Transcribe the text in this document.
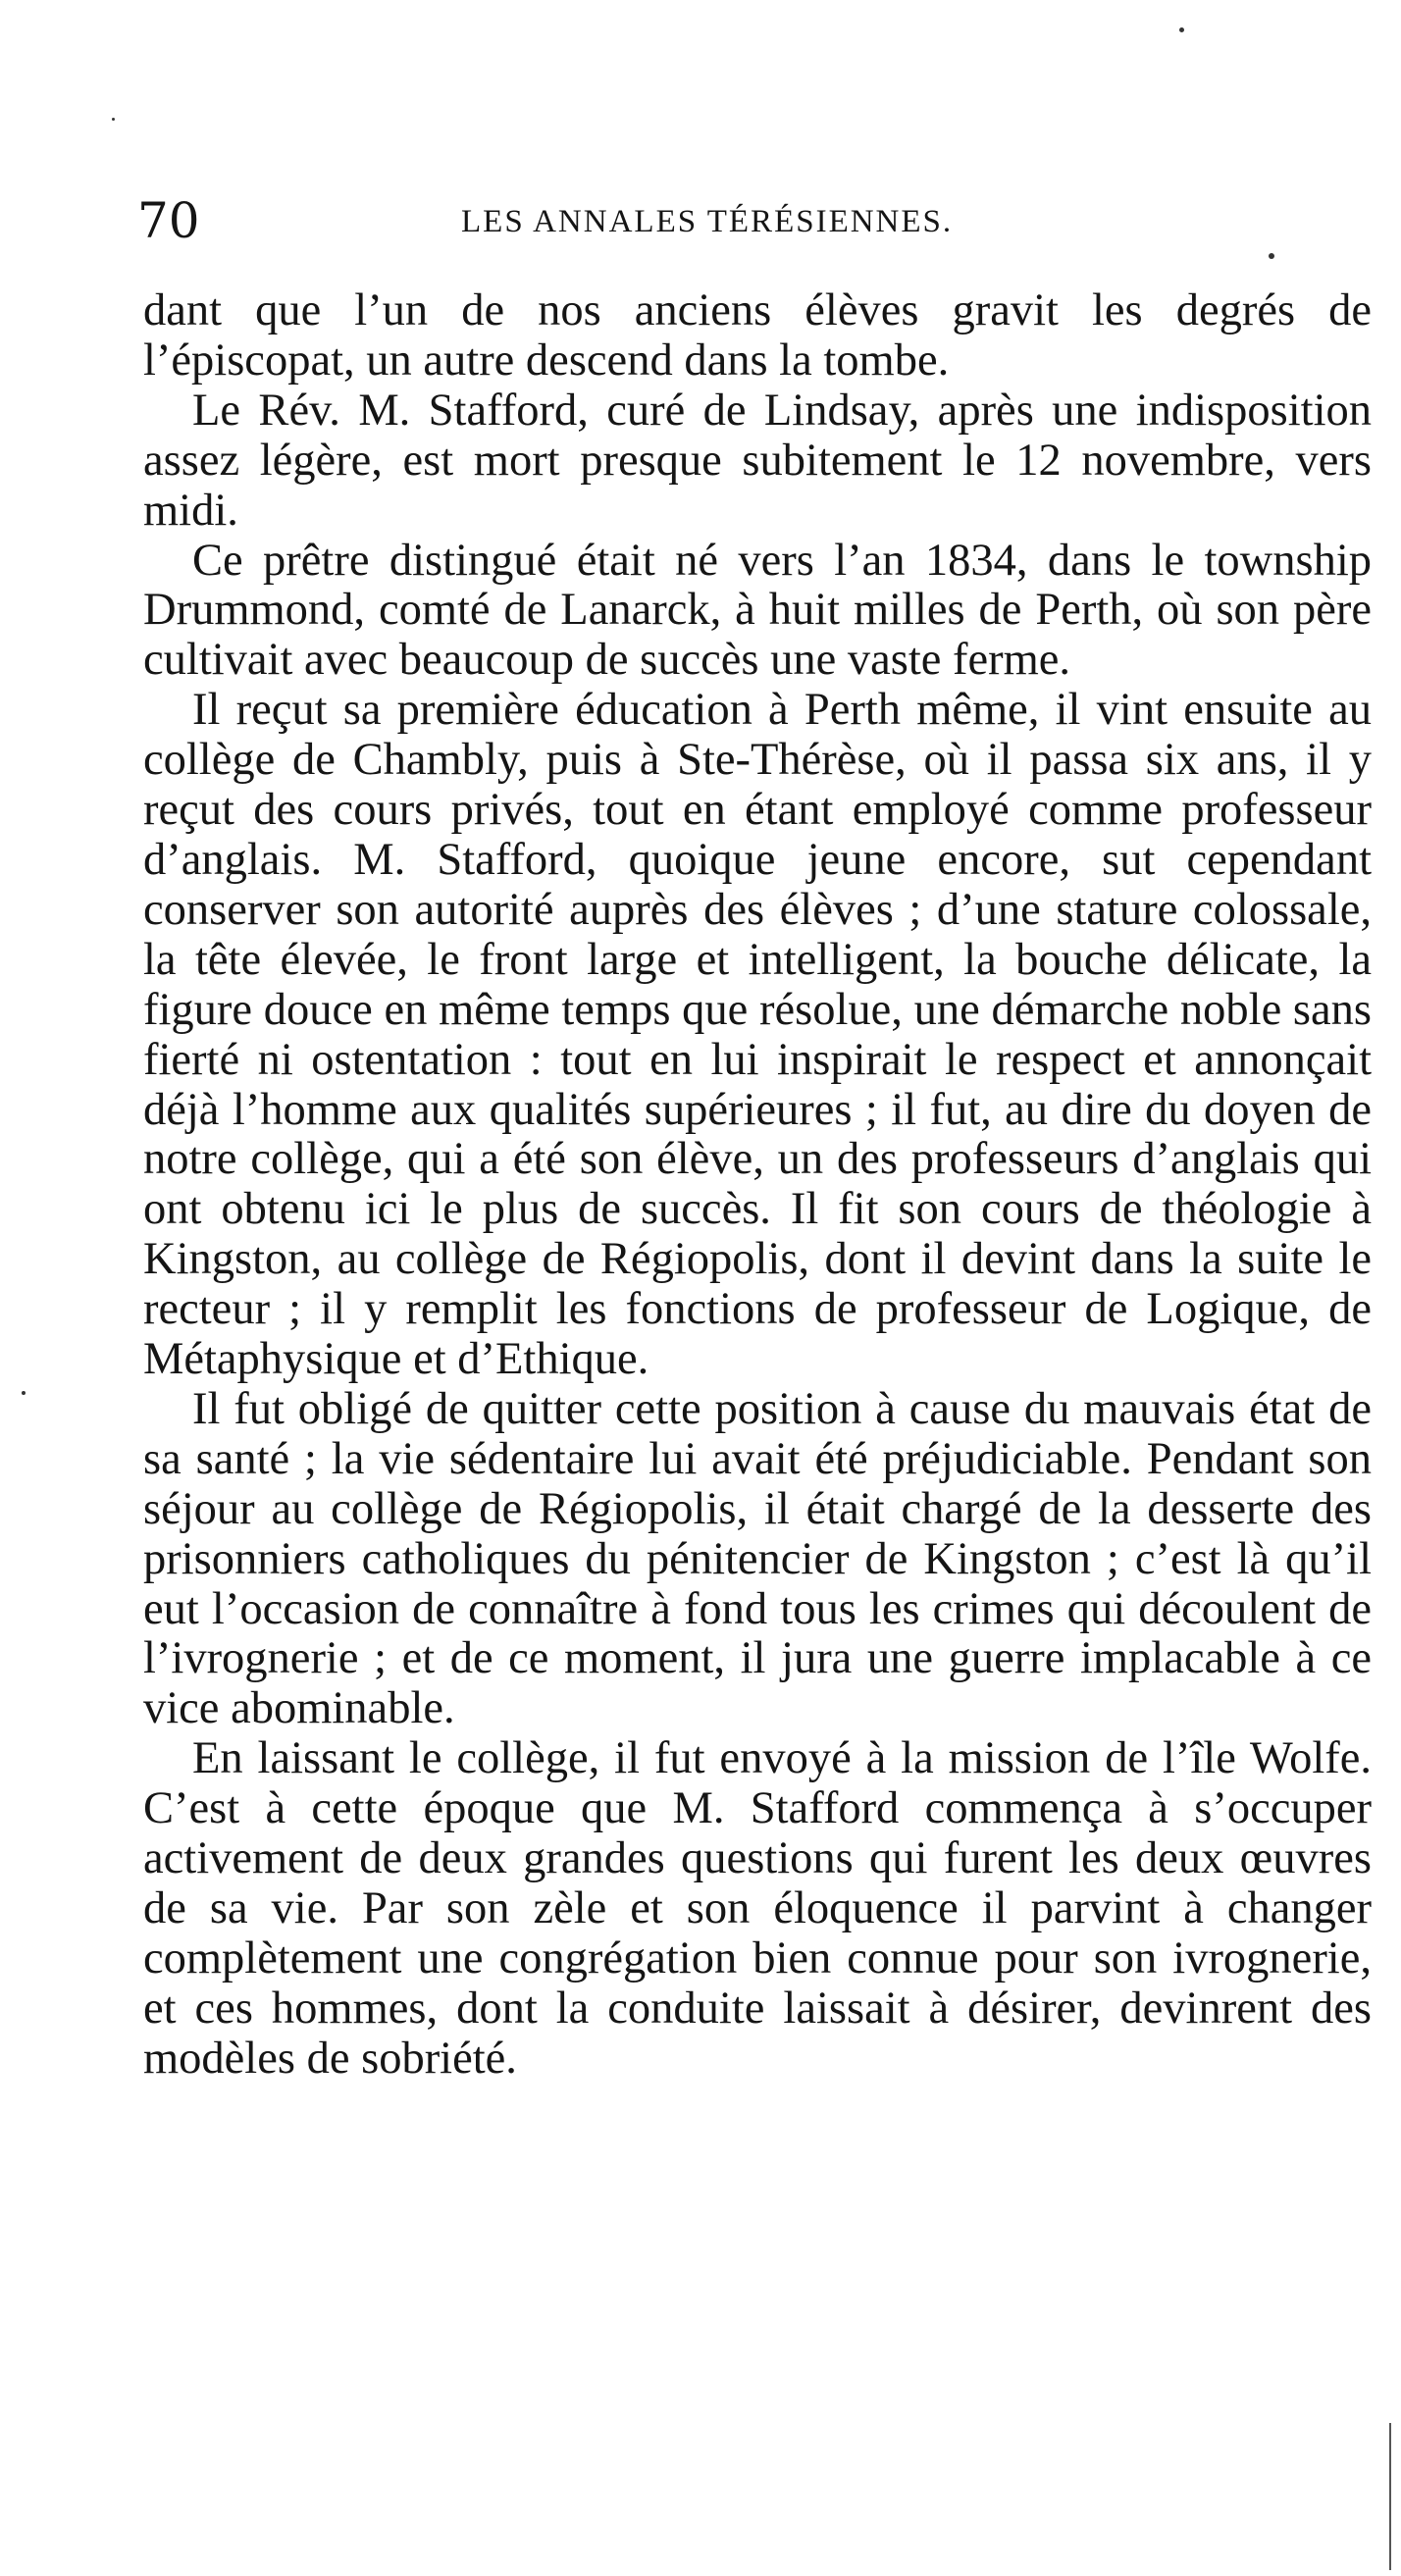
70	LES ANNALES TÉRÉSIENNES.

dant que l’un de nos anciens élèves gravit les degrés de l’épiscopat, un autre descend dans la tombe.

Le Rév. M. Stafford, curé de Lindsay, après une indisposition assez légère, est mort presque subitement le 12 novembre, vers midi.

Ce prêtre distingué était né vers l’an 1834, dans le township Drummond, comté de Lanarck, à huit milles de Perth, où son père cultivait avec beaucoup de succès une vaste ferme.

Il reçut sa première éducation à Perth même, il vint ensuite au collège de Chambly, puis à Ste-Thérèse, où il passa six ans, il y reçut des cours privés, tout en étant employé comme professeur d’anglais. M. Stafford, quoique jeune encore, sut cependant conserver son autorité auprès des élèves ; d’une stature colossale, la tête élevée, le front large et intelligent, la bouche délicate, la figure douce en même temps que résolue, une démarche noble sans fierté ni ostentation : tout en lui inspirait le respect et annonçait déjà l’homme aux qualités supérieures ; il fut, au dire du doyen de notre collège, qui a été son élève, un des professeurs d’anglais qui ont obtenu ici le plus de succès. Il fit son cours de théologie à Kingston, au collège de Régiopolis, dont il devint dans la suite le recteur ; il y remplit les fonctions de professeur de Logique, de Métaphysique et d’Ethique.

Il fut obligé de quitter cette position à cause du mauvais état de sa santé ; la vie sédentaire lui avait été préjudiciable. Pendant son séjour au collège de Régiopolis, il était chargé de la desserte des prisonniers catholiques du pénitencier de Kingston ; c’est là qu’il eut l’occasion de connaître à fond tous les crimes qui découlent de l’ivrognerie ; et de ce moment, il jura une guerre implacable à ce vice abominable.

En laissant le collège, il fut envoyé à la mission de l’île Wolfe. C’est à cette époque que M. Stafford commença à s’occuper activement de deux grandes questions qui furent les deux œuvres de sa vie. Par son zèle et son éloquence il parvint à changer complètement une congrégation bien connue pour son ivrognerie, et ces hommes, dont la conduite laissait à désirer, devinrent des modèles de sobriété.
